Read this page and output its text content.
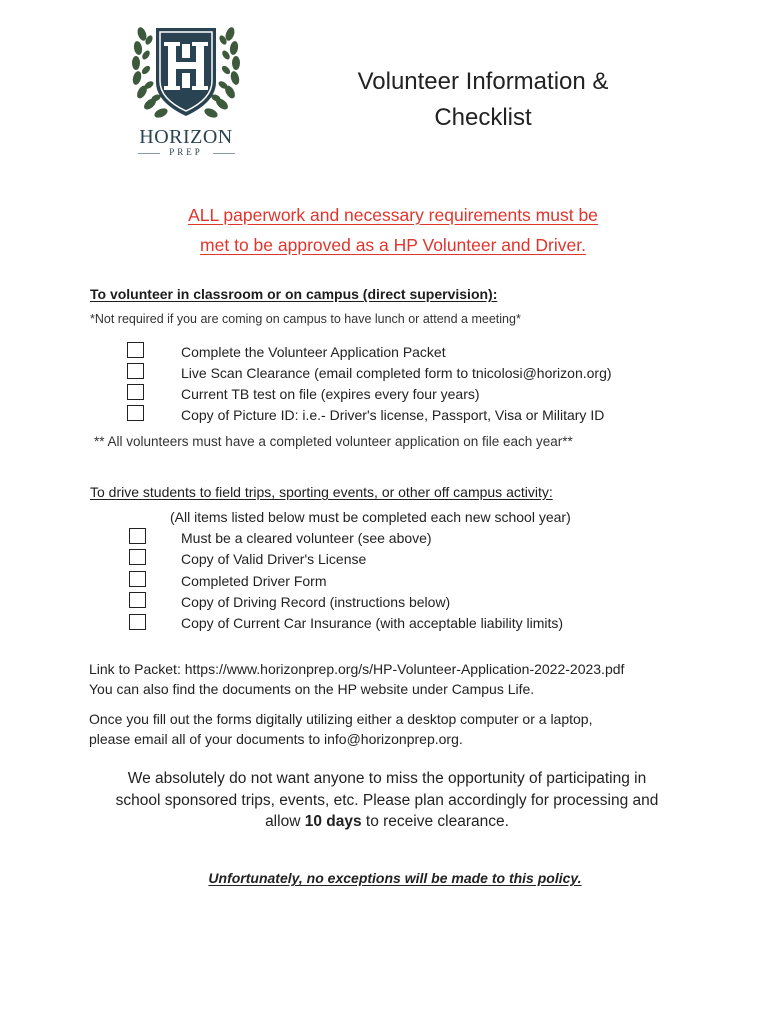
HORIZON
PREP
Volunteer Information &
Checklist
ALL paperwork and necessary requirements must be
met to be approved as a HP Volunteer and Driver.
To volunteer in classroom or on campus (direct supervision):
*Not required if you are coming on campus to have lunch or attend a meeting*
Complete the Volunteer Application Packet
Live Scan Clearance (email completed form to tnicolosi@horizon.org)
Current TB test on file (expires every four years)
Copy of Picture ID: i.e.- Driver's license, Passport, Visa or Military ID
** All volunteers must have a completed volunteer application on file each year**
To drive students to field trips, sporting events, or other off campus activity:
(All items listed below must be completed each new school year)
Must be a cleared volunteer (see above)
Copy of Valid Driver's License
Completed Driver Form
Copy of Driving Record (instructions below)
Copy of Current Car Insurance (with acceptable liability limits)
Link to Packet: https://www.horizonprep.org/s/HP-Volunteer-Application-2022-2023.pdf
You can also find the documents on the HP website under Campus Life.
Once you fill out the forms digitally utilizing either a desktop computer or a laptop,
please email all of your documents to info@horizonprep.org.
We absolutely do not want anyone to miss the opportunity of participating in
school sponsored trips, events, etc. Please plan accordingly for processing and
allow 10 days to receive clearance.
Unfortunately, no exceptions will be made to this policy.
